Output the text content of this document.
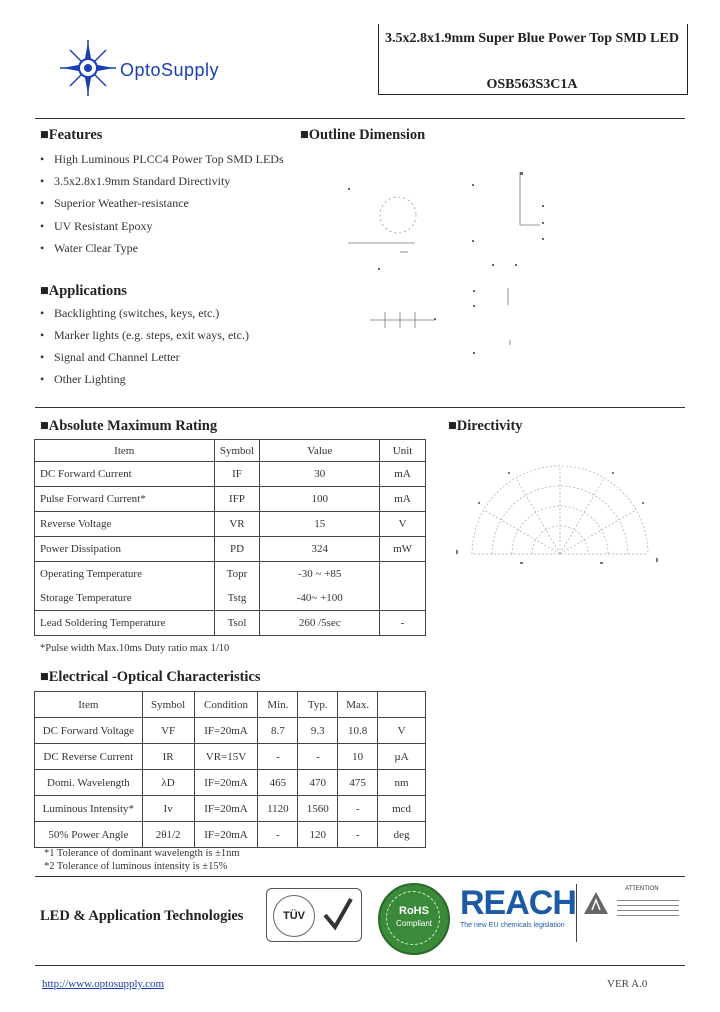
OptoSupply
3.5x2.8x1.9mm Super Blue Power Top SMD LED
OSB563S3C1A
■Features
• High Luminous PLCC4 Power Top SMD LEDs
• 3.5x2.8x1.9mm Standard Directivity
• Superior Weather-resistance
• UV Resistant Epoxy
• Water Clear Type
■Outline Dimension
■Applications
• Backlighting (switches, keys, etc.)
• Marker lights (e.g. steps, exit ways, etc.)
• Signal and Channel Letter
• Other Lighting
■Absolute Maximum Rating
Item	Symbol	Value	Unit
DC Forward Current	IF	30	mA
Pulse Forward Current*	IFP	100	mA
Reverse Voltage	VR	15	V
Power Dissipation	PD	324	mW
Operating Temperature	Topr	-30 ~ +85	
Storage Temperature	Tstg	-40~ +100	
Lead Soldering Temperature	Tsol	260 /5sec	-
*Pulse width Max.10ms Duty ratio max 1/10
■Directivity
■Electrical -Optical Characteristics
Item	Symbol	Condition	Min.	Typ.	Max.	
DC Forward Voltage	VF	IF=20mA	8.7	9.3	10.8	V
DC Reverse Current	IR	VR=15V	-	-	10	µA
Domi. Wavelength	λD	IF=20mA	465	470	475	nm
Luminous Intensity*	Iv	IF=20mA	1120	1560	-	mcd
50% Power Angle	2θ1/2	IF=20mA	-	120	-	deg
*1 Tolerance of dominant wavelength is ±1nm
*2 Tolerance of luminous intensity is ±15%
LED & Application Technologies	TÜV	RoHS
Compliant
REACH
The new EU chemicals legislation
ATTENTION
http://www.optosupply.com	VER A.0
